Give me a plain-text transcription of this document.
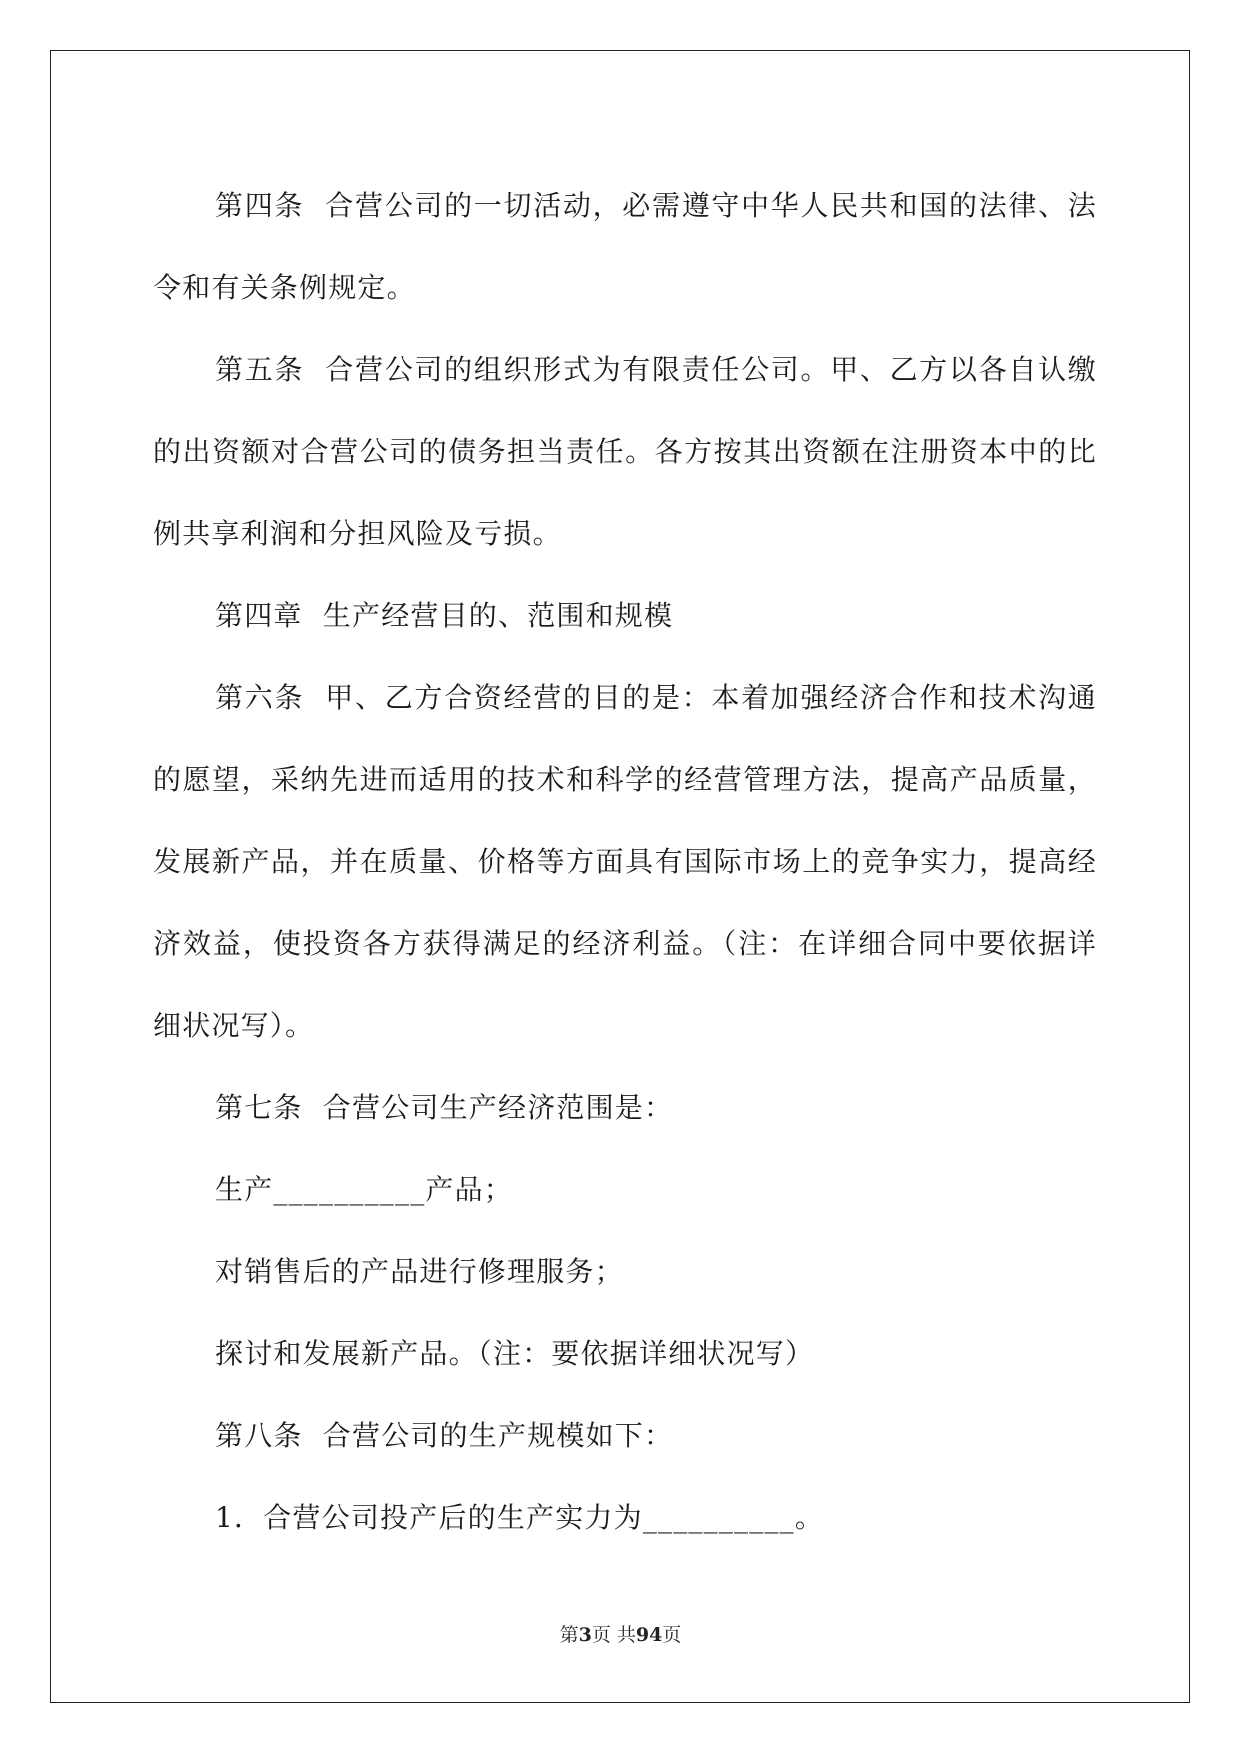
第四条  合营公司的一切活动，必需遵守中华人民共和国的法律、法令和有关条例规定。

第五条  合营公司的组织形式为有限责任公司。甲、乙方以各自认缴的出资额对合营公司的债务担当责任。各方按其出资额在注册资本中的比例共享利润和分担风险及亏损。

第四章  生产经营目的、范围和规模

第六条  甲、乙方合资经营的目的是：本着加强经济合作和技术沟通的愿望，采纳先进而适用的技术和科学的经营管理方法，提高产品质量，发展新产品，并在质量、价格等方面具有国际市场上的竞争实力，提高经济效益，使投资各方获得满足的经济利益。（注：在详细合同中要依据详细状况写）。

第七条  合营公司生产经济范围是：

生产__________产品；

对销售后的产品进行修理服务；

探讨和发展新产品。（注：要依据详细状况写）

第八条  合营公司的生产规模如下：

1．合营公司投产后的生产实力为__________。

第3页 共94页
